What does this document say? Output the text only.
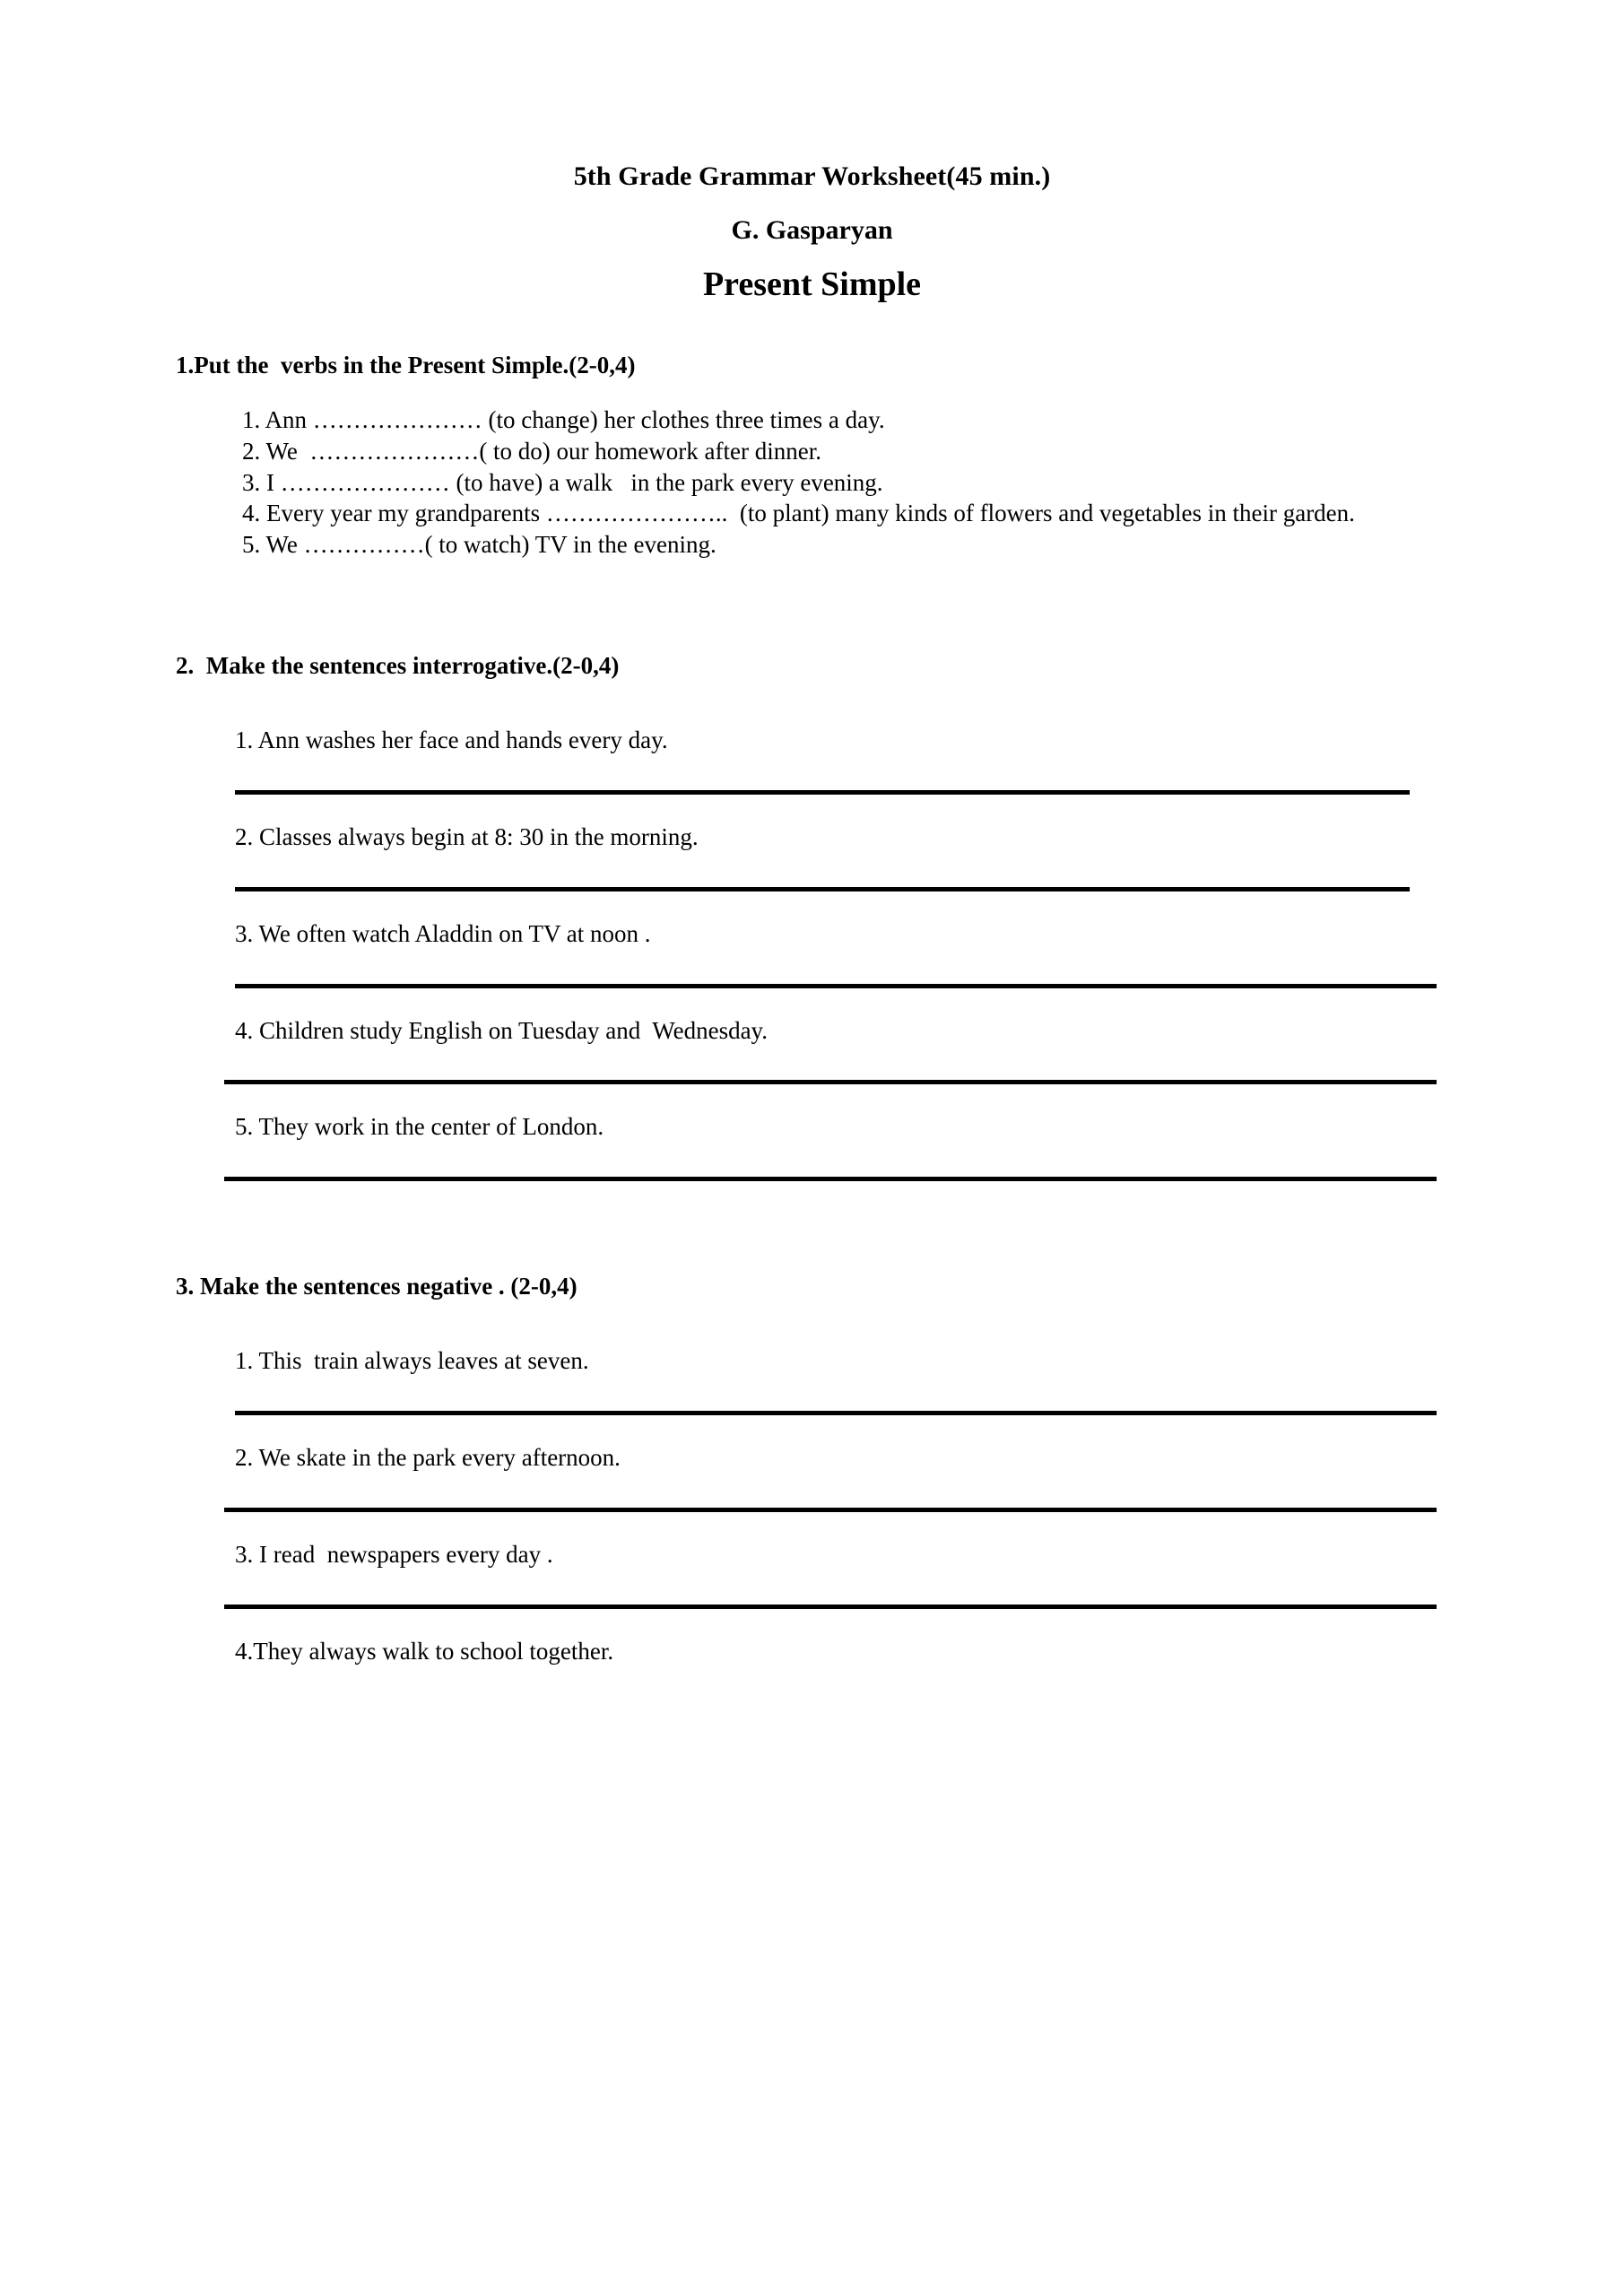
5th Grade Grammar Worksheet(45 min.)
G. Gasparyan
Present Simple
1.Put the  verbs in the Present Simple.(2-0,4)
1. Ann ………………… (to change) her clothes three times a day.
2. We  …………………( to do) our homework after dinner.
3. I ………………… (to have) a walk   in the park every evening.
4. Every year my grandparents …………………..  (to plant) many kinds of flowers and vegetables in their garden.
5. We ……………( to watch) TV in the evening.
2.  Make the sentences interrogative.(2-0,4)
1. Ann washes her face and hands every day.
2. Classes always begin at 8: 30 in the morning.
3. We often watch Aladdin on TV at noon .
4. Children study English on Tuesday and  Wednesday.
5. They work in the center of London.
3. Make the sentences negative . (2-0,4)
1. This  train always leaves at seven.
2. We skate in the park every afternoon.
3. I read  newspapers every day .
4.They always walk to school together.
